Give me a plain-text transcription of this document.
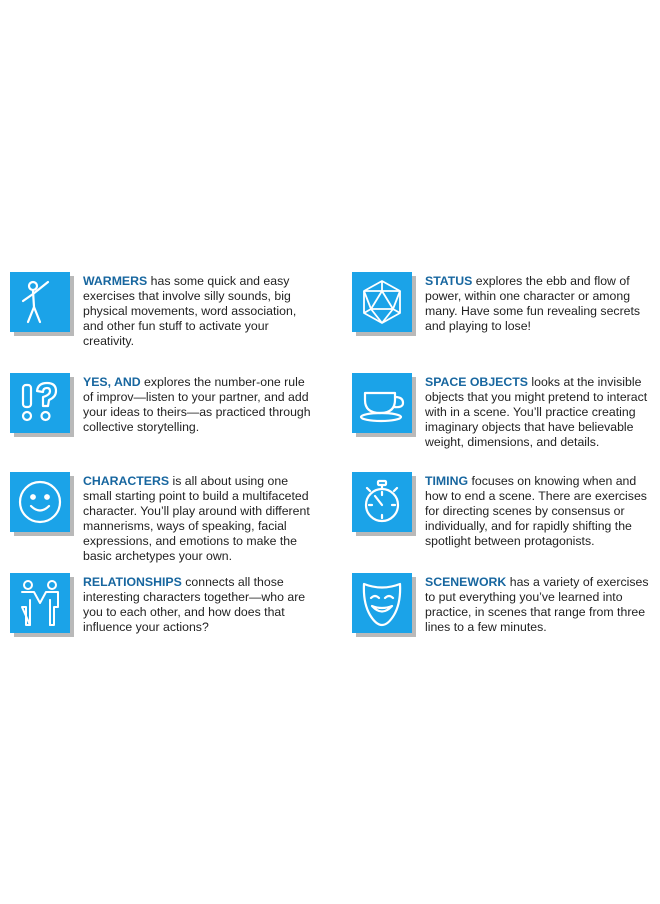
WARMERS has some quick and easy exercises that involve silly sounds, big physical movements, word association, and other fun stuff to activate your creativity.
STATUS explores the ebb and flow of power, within one character or among many. Have some fun revealing secrets and playing to lose!
YES, AND explores the number-one rule of improv—listen to your partner, and add your ideas to theirs—as practiced through collective storytelling.
SPACE OBJECTS looks at the invisible objects that you might pretend to interact with in a scene. You’ll practice creating imaginary objects that have believable weight, dimensions, and details.
CHARACTERS is all about using one small starting point to build a multifaceted character. You’ll play around with different mannerisms, ways of speaking, facial expressions, and emotions to make the basic archetypes your own.
TIMING focuses on knowing when and how to end a scene. There are exercises for directing scenes by consensus or individually, and for rapidly shifting the spotlight between protagonists.
RELATIONSHIPS connects all those interesting characters together—who are you to each other, and how does that influence your actions?
SCENEWORK has a variety of exercises to put everything you’ve learned into practice, in scenes that range from three lines to a few minutes.
